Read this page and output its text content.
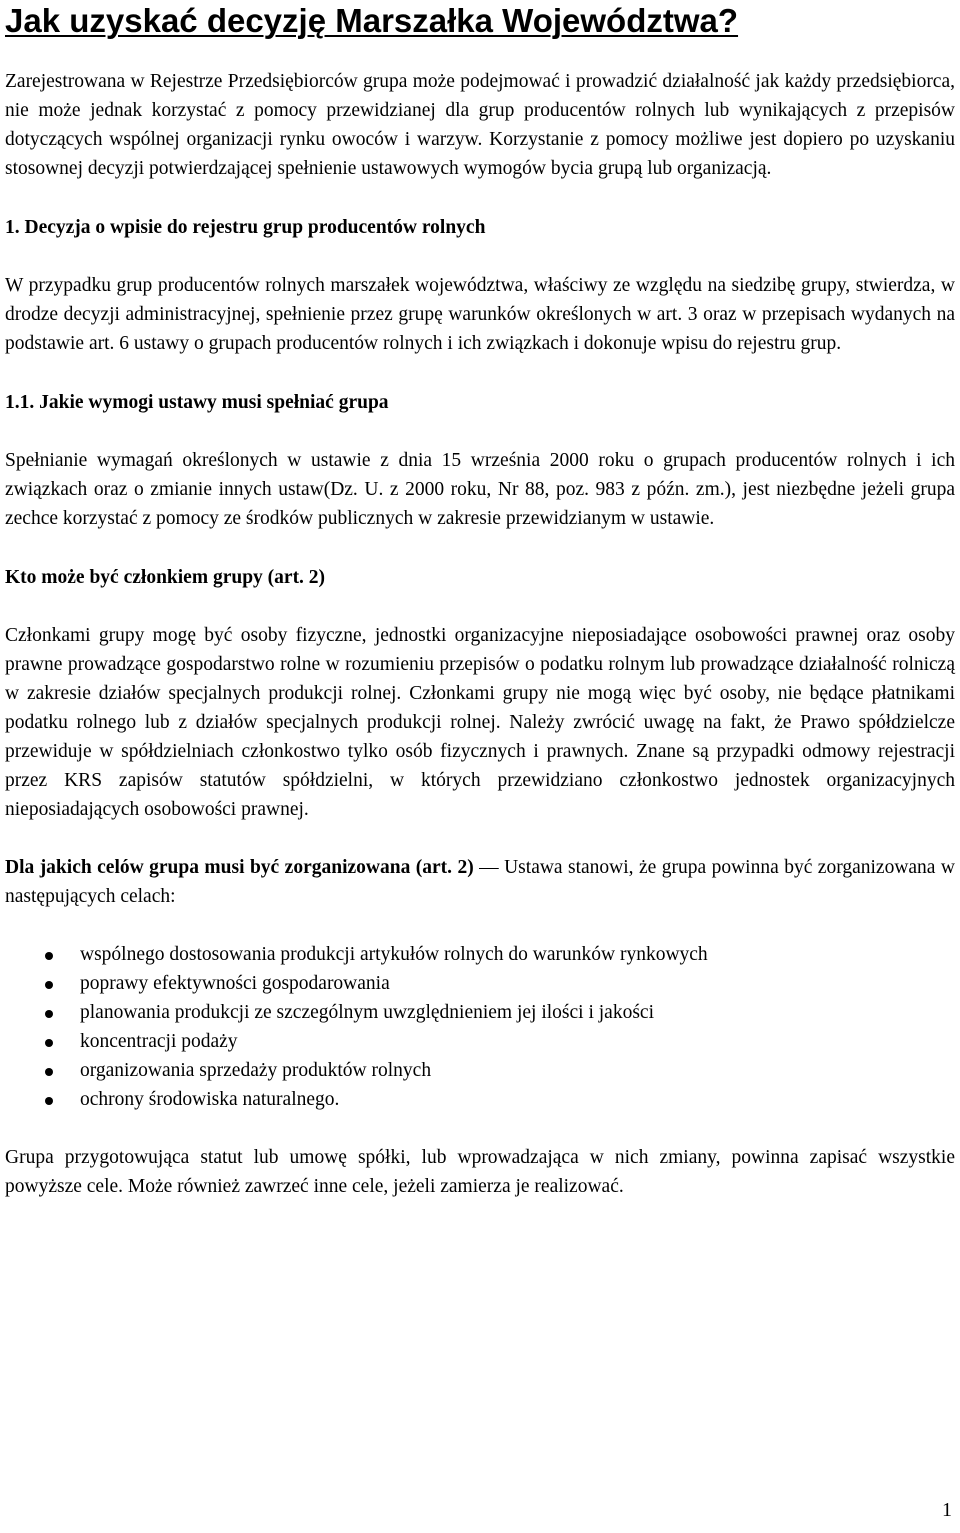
Jak uzyskać decyzję Marszałka Województwa?

Zarejestrowana w Rejestrze Przedsiębiorców grupa może podejmować i prowadzić działalność jak każdy przedsiębiorca, nie może jednak korzystać z pomocy przewidzianej dla grup producentów rolnych lub wynikających z przepisów dotyczących wspólnej organizacji rynku owoców i warzyw. Korzystanie z pomocy możliwe jest dopiero po uzyskaniu stosownej decyzji potwierdzającej spełnienie ustawowych wymogów bycia grupą lub organizacją.

1. Decyzja o wpisie do rejestru grup producentów rolnych

W przypadku grup producentów rolnych marszałek województwa, właściwy ze względu na siedzibę grupy, stwierdza, w drodze decyzji administracyjnej, spełnienie przez grupę warunków określonych w art. 3 oraz w przepisach wydanych na podstawie art. 6 ustawy o grupach producentów rolnych i ich związkach i dokonuje wpisu do rejestru grup.

1.1. Jakie wymogi ustawy musi spełniać grupa

Spełnianie wymagań określonych w ustawie z dnia 15 września 2000 roku o grupach producentów rolnych i ich związkach oraz o zmianie innych ustaw(Dz. U. z 2000 roku, Nr 88, poz. 983 z późn. zm.), jest niezbędne jeżeli grupa zechce korzystać z pomocy ze środków publicznych w zakresie przewidzianym w ustawie.

Kto może być członkiem grupy (art. 2)

Członkami grupy mogę być osoby fizyczne, jednostki organizacyjne nieposiadające osobowości prawnej oraz osoby prawne prowadzące gospodarstwo rolne w rozumieniu przepisów o podatku rolnym lub prowadzące działalność rolniczą w zakresie działów specjalnych produkcji rolnej. Członkami grupy nie mogą więc być osoby, nie będące płatnikami podatku rolnego lub z działów specjalnych produkcji rolnej. Należy zwrócić uwagę na fakt, że Prawo spółdzielcze przewiduje w spółdzielniach członkostwo tylko osób fizycznych i prawnych. Znane są przypadki odmowy rejestracji przez KRS zapisów statutów spółdzielni, w których przewidziano członkostwo jednostek organizacyjnych nieposiadających osobowości prawnej.

Dla jakich celów grupa musi być zorganizowana (art. 2) — Ustawa stanowi, że grupa powinna być zorganizowana w następujących celach:

wspólnego dostosowania produkcji artykułów rolnych do warunków rynkowych
poprawy efektywności gospodarowania
planowania produkcji ze szczególnym uwzględnieniem jej ilości i jakości
koncentracji podaży
organizowania sprzedaży produktów rolnych
ochrony środowiska naturalnego.

Grupa przygotowująca statut lub umowę spółki, lub wprowadzająca w nich zmiany, powinna zapisać wszystkie powyższe cele. Może również zawrzeć inne cele, jeżeli zamierza je realizować.

1
